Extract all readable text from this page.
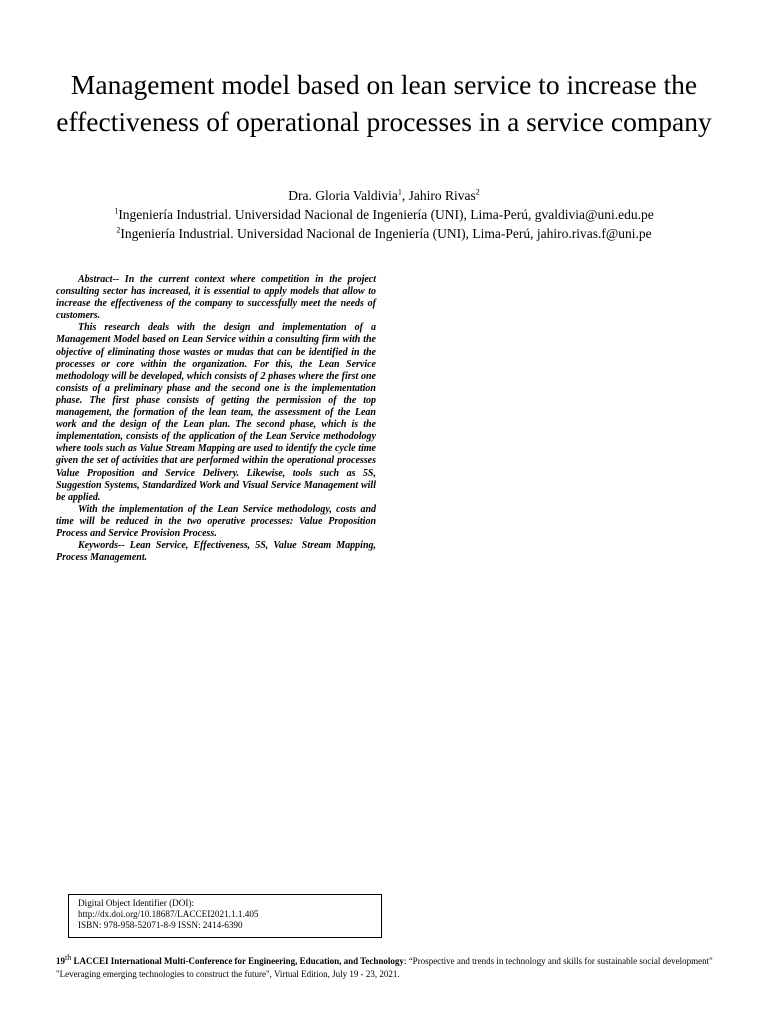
Management model based on lean service to increase the effectiveness of operational processes in a service company
Dra. Gloria Valdivia$^1$, Jahiro Rivas$^2$
$^1$Ingeniería Industrial. Universidad Nacional de Ingeniería (UNI), Lima-Perú, gvaldivia@uni.edu.pe
$^2$Ingeniería Industrial. Universidad Nacional de Ingeniería (UNI), Lima-Perú, jahiro.rivas.f@uni.pe

Abstract-- In the current context where competition in the project consulting sector has increased, it is essential to apply models that allow to increase the effectiveness of the company to successfully meet the needs of customers.

This research deals with the design and implementation of a Management Model based on Lean Service within a consulting firm with the objective of eliminating those wastes or mudas that can be identified in the processes or core within the organization. For this, the Lean Service methodology will be developed, which consists of 2 phases where the first one consists of a preliminary phase and the second one is the implementation phase. The first phase consists of getting the permission of the top management, the formation of the lean team, the assessment of the Lean work and the design of the Lean plan. The second phase, which is the implementation, consists of the application of the Lean Service methodology where tools such as Value Stream Mapping are used to identify the cycle time given the set of activities that are performed within the operational processes Value Proposition and Service Delivery. Likewise, tools such as 5S, Suggestion Systems, Standardized Work and Visual Service Management will be applied.

With the implementation of the Lean Service methodology, costs and time will be reduced in the two operative processes: Value Proposition Process and Service Provision Process.

Keywords-- Lean Service, Effectiveness, 5S, Value Stream Mapping, Process Management.

Digital Object Identifier (DOI):
http://dx.doi.org/10.18687/LACCEI2021.1.1.405
ISBN: 978-958-52071-8-9 ISSN: 2414-6390
19th LACCEI International Multi-Conference for Engineering, Education, and Technology: “Prospective and trends in technology and skills for sustainable social development" "Leveraging emerging technologies to construct the future", Virtual Edition, July 19 - 23, 2021.
